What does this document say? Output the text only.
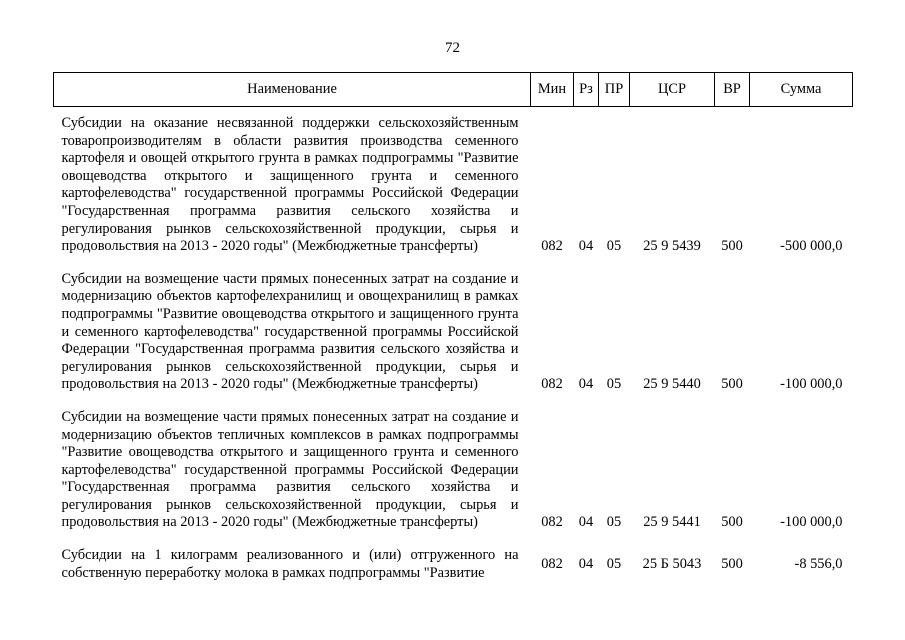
72
Наименование	Мин	Рз	ПР	ЦСР	ВР	Сумма

Субсидии на оказание несвязанной поддержки сельскохозяйственным товаропроизводителям в области развития производства семенного картофеля и овощей открытого грунта в рамках подпрограммы "Развитие овощеводства открытого и защищенного грунта и семенного картофелеводства" государственной программы Российской Федерации "Государственная программа развития сельского хозяйства и регулирования рынков сельскохозяйственной продукции, сырья и продовольствия на 2013 - 2020 годы" (Межбюджетные трансферты)	082	04	05	25 9 5439	500	-500 000,0

Субсидии на возмещение части прямых понесенных затрат на создание и модернизацию объектов картофелехранилищ и овощехранилищ в рамках подпрограммы "Развитие овощеводства открытого и защищенного грунта и семенного картофелеводства" государственной программы Российской Федерации "Государственная программа развития сельского хозяйства и регулирования рынков сельскохозяйственной продукции, сырья и продовольствия на 2013 - 2020 годы" (Межбюджетные трансферты)	082	04	05	25 9 5440	500	-100 000,0

Субсидии на возмещение части прямых понесенных затрат на создание и модернизацию объектов тепличных комплексов в рамках подпрограммы "Развитие овощеводства открытого и защищенного грунта и семенного картофелеводства" государственной программы Российской Федерации "Государственная программа развития сельского хозяйства и регулирования рынков сельскохозяйственной продукции, сырья и продовольствия на 2013 - 2020 годы" (Межбюджетные трансферты)	082	04	05	25 9 5441	500	-100 000,0

Субсидии на 1 килограмм реализованного и (или) отгруженного на собственную переработку молока в рамках подпрограммы "Развитие	082	04	05	25 Б 5043	500	-8 556,0
